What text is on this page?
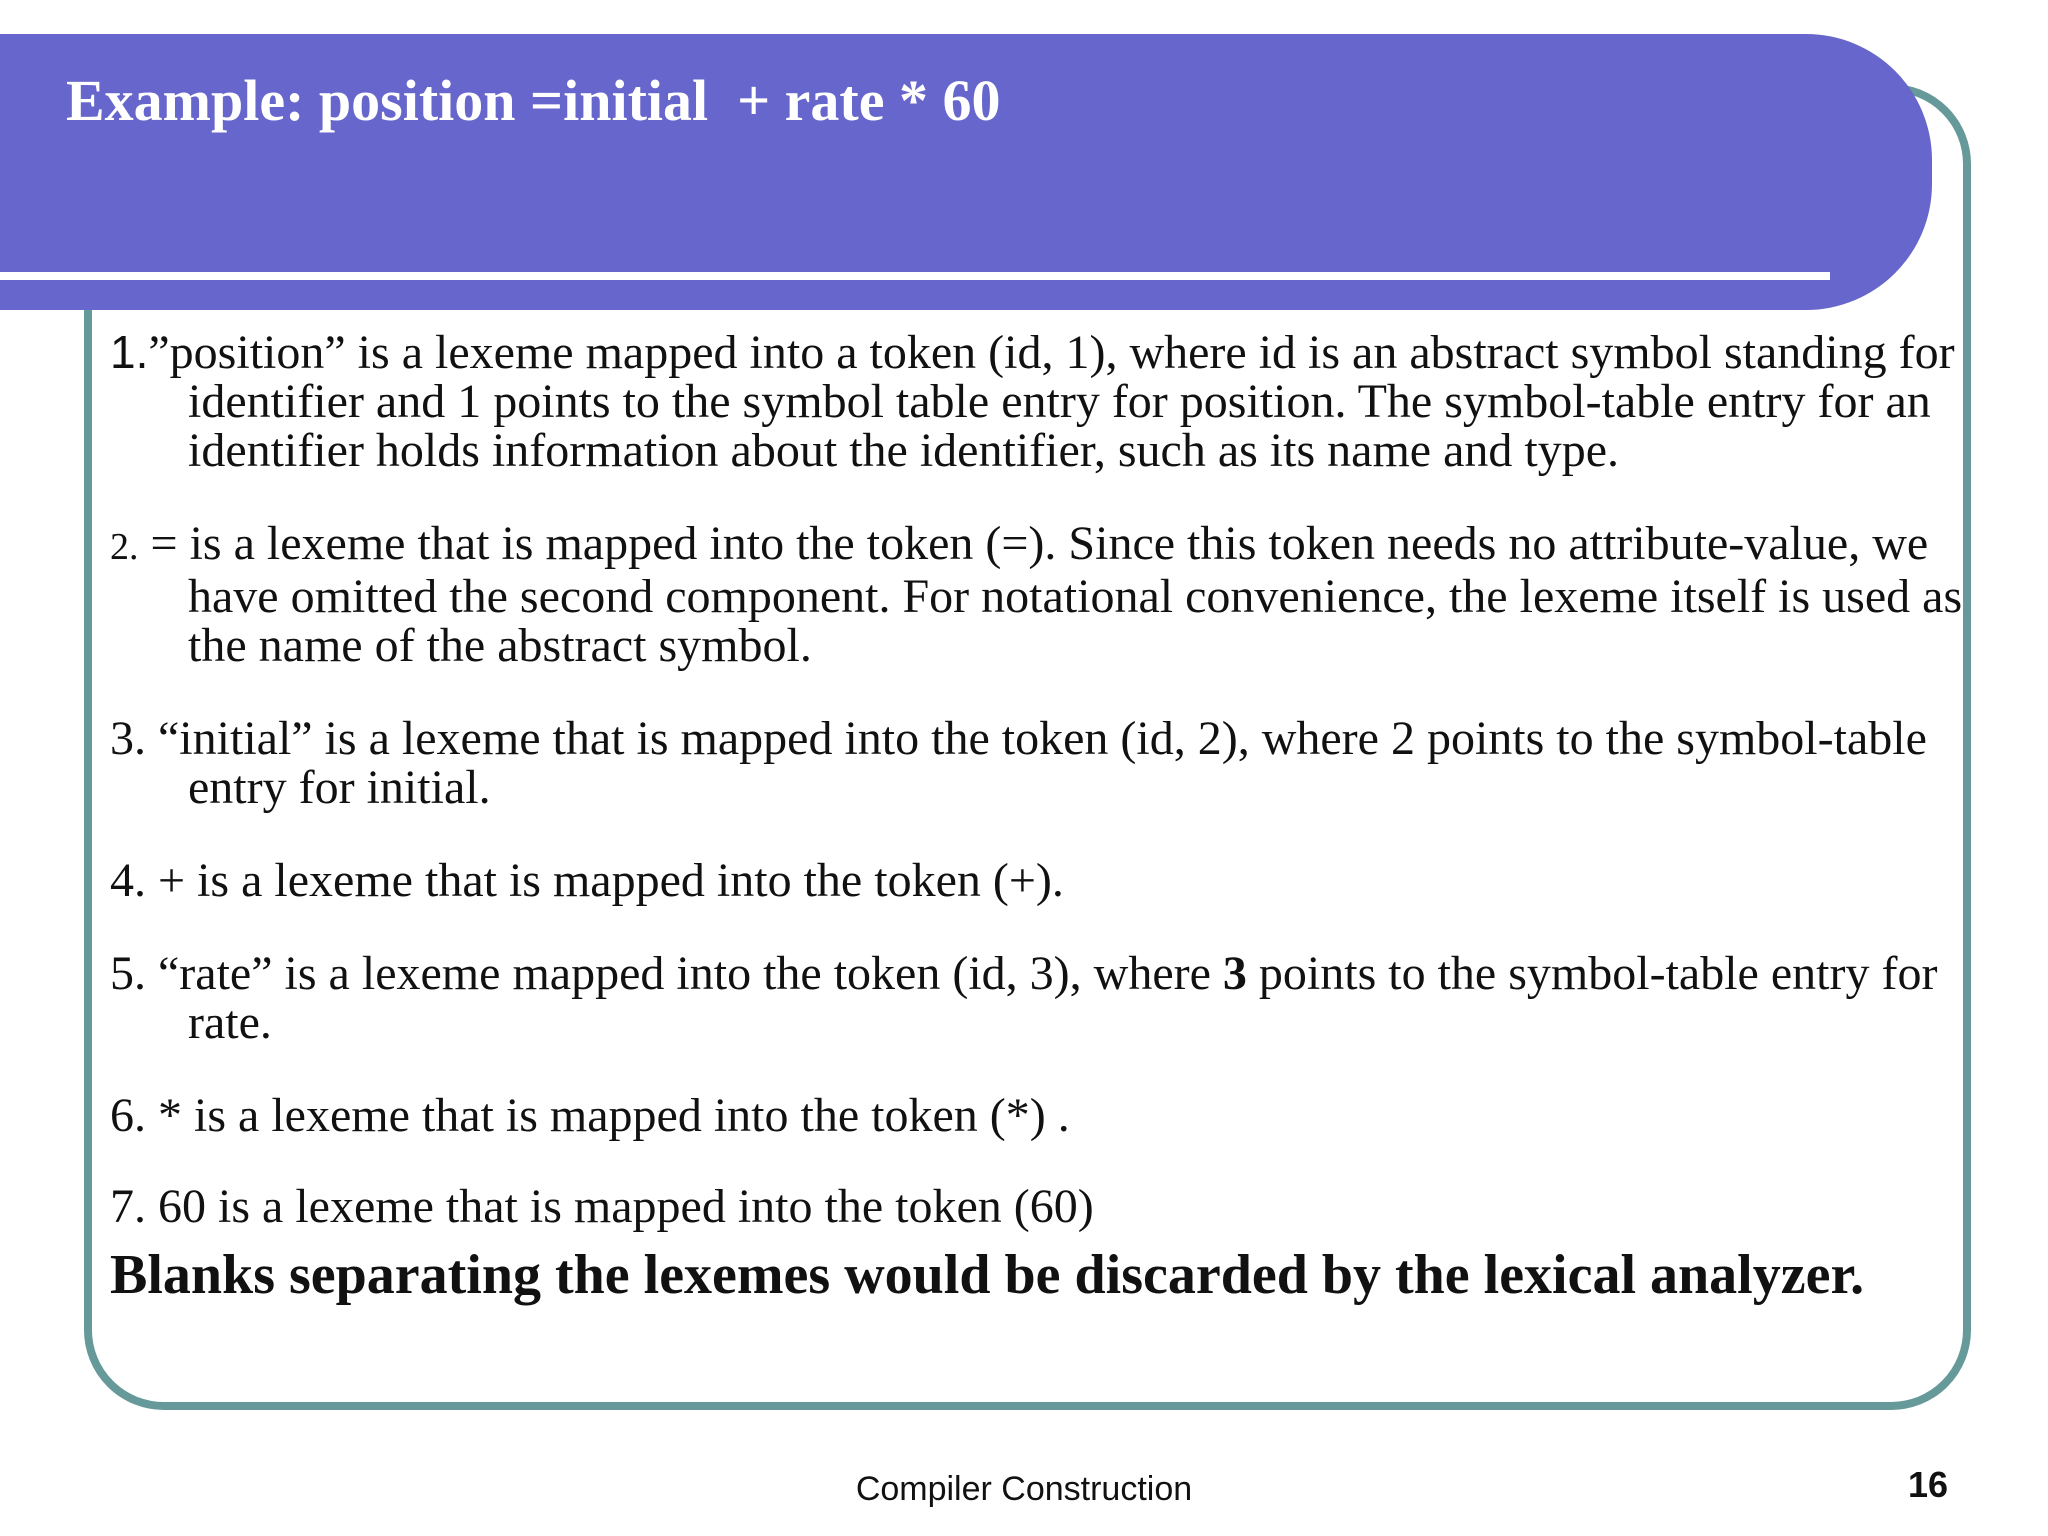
Example: position =initial  + rate * 60

1.”position” is a lexeme mapped into a token (id, 1), where id is an abstract symbol standing for identifier and 1 points to the symbol table entry for position. The symbol-table entry for an identifier holds information about the identifier, such as its name and type.

2. = is a lexeme that is mapped into the token (=). Since this token needs no attribute-value, we have omitted the second component. For notational convenience, the lexeme itself is used as the name of the abstract symbol.

3. “initial” is a lexeme that is mapped into the token (id, 2), where 2 points to the symbol-table entry for initial.

4. + is a lexeme that is mapped into the token (+).

5. “rate” is a lexeme mapped into the token (id, 3), where 3 points to the symbol-table entry for rate.

6. * is a lexeme that is mapped into the token (*) .

7. 60 is a lexeme that is mapped into the token (60)

Blanks separating the lexemes would be discarded by the lexical analyzer.

Compiler Construction	16
